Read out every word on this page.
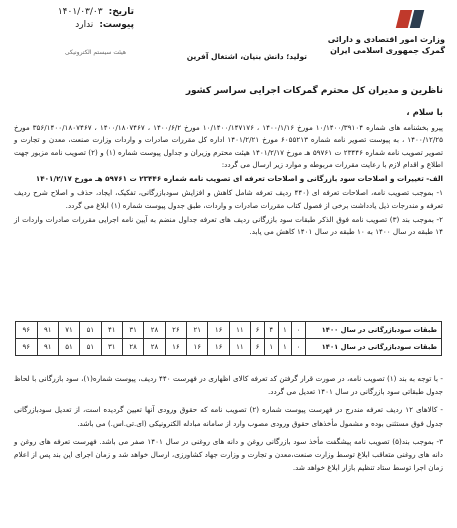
وزارت امور اقتصادی و دارائی
گمرک جمهوری اسلامی ایران
تاریخ:
۱۴۰۱/۰۳/۰۳
پیوست:
ندارد
هیئت سیستم الکترونیکی	تولید؛ دانش بنیان، اشتغال آفرین
ناظرین و مدیران کل محترم گمرکات اجرایی سراسر کشور
با سلام ،

پیرو بخشنامه های شماره ۱۰/۱۴۰۰/۳۹۱۰۴ مورخ ۱۴۰۰/۱/۱۶ ، ۱۰/۱۴۰۰/۱۴۷۱۷۶ مورخ ۱۴۰۰/۶/۲ ، ۱۴۰۰/۱۸۰۷۴۶۷ ، ۳۵۶/۱۴۰۰/۱۸۰۷۴۶۷ مورخ ۱۴۰۰/۱۲/۲۵ ، به پیوست تصویر نامه شماره ۶۰۵۵۲۱۳ مورخ ۱۴۰۱/۲/۲۱ اداره کل مقررات صادرات و واردات وزارت صنعت، معدن و تجارت و تصویر تصویب نامه شماره ۲۳۴۴۶ ت ۵۹۷۶۱ هـ مورخ ۱۴۰۱/۲/۱۷ هیئت محترم وزیران و جداول پیوست شماره (۱) و (۲) تصویب نامه مزبور جهت اطلاع و اقدام لازم با رعایت مقررات مربوطه و موارد زیر ارسال می گردد:

الف- تغییرات و اصلاحات سود بازرگانی و اصلاحات تعرفه ای تصویب نامه شماره ۲۳۴۴۶ ت ۵۹۷۶۱ هـ مورخ ۱۴۰۱/۲/۱۷

۱- بموجب تصویب نامه، اصلاحات تعرفه ای (۴۴۰ ردیف تعرفه شامل کاهش و افزایش سودبازرگانی، تفکیک، ایجاد، حذف و اصلاح شرح ردیف تعرفه و مندرجات ذیل یادداشت برخی از فصول کتاب مقررات صادرات و واردات، طبق جدول پیوست شماره (۱) ابلاغ می گردد.

۲- بموجب بند (۳) تصویب نامه فوق الذکر طبقات سود بازرگانی ردیف های تعرفه جداول منضم به آیین نامه اجرایی مقررات صادرات واردات از ۱۴ طبقه در سال ۱۴۰۰ به ۱۰ طبقه در سال ۱۴۰۱ کاهش می یابد.

طبقات سودبازرگانی در سال ۱۴۰۰	۰	۱	۴	۶	۱۱	۱۶	۲۱	۲۶	۲۸	۳۱	۴۱	۵۱	۷۱	۹۱	۹۶
طبقات سودبازرگانی در سال ۱۴۰۱	۰	۱	۱	۶	۱۱	۱۶	۱۶	۱۶	۲۸	۲۸	۳۱	۵۱	۵۱	۹۱	۹۶

- با توجه به بند (۱) تصویب نامه، در صورت قرار گرفتن کد تعرفه کالای اظهاری در فهرست ۴۴۰ ردیف، پیوست شماره(۱)، سود بازرگانی با لحاظ جدول طبقاتی سود بازرگانی در سال ۱۴۰۱ تعدیل می گردد.

- کالاهای ۱۲ ردیف تعرفه مندرج در فهرست پیوست شماره (۲) تصویب نامه که حقوق ورودی آنها تعیین گردیده است، از تعدیل سودبازرگانی جدول فوق مستثنی بوده و مشمول مأخذهای حقوق ورودی مصوب وارد از سامانه مبادله الکترونیکی (ای.تی.اس.) می باشد.

۳- بموجب بند(۵) تصویب نامه پیشگفت مأخذ سود بازرگانی روغن و دانه های روغنی در سال ۱۴۰۱ صفر می باشد. فهرست تعرفه های روغن و دانه های روغنی متعاقب ابلاغ توسط وزارت صنعت،معدن و تجارت و وزارت جهاد کشاورزی، ارسال خواهد شد و زمان اجرای این بند پس از اعلام زمان اجرا توسط ستاد تنظیم بازار ابلاغ خواهد شد.
